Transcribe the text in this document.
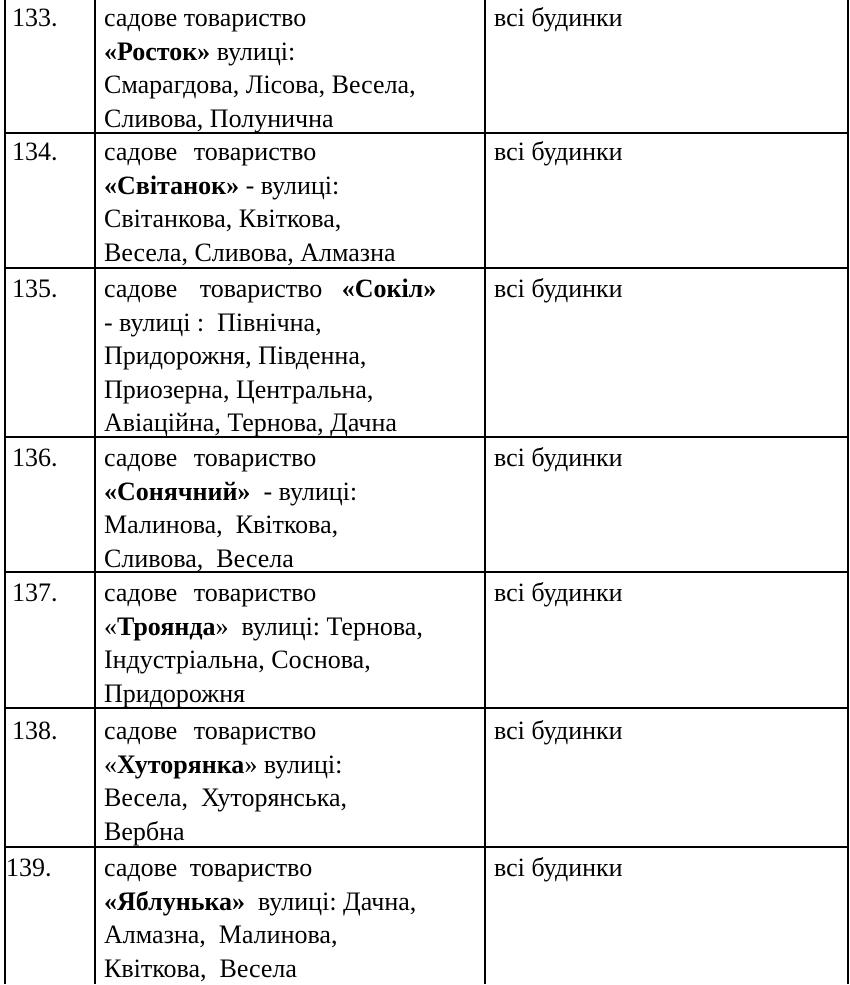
133. садове товариство
«Росток» вулиці:
Смарагдова, Лісова, Весела,
Сливова, Полунична
всі будинки
134. садове товариство
«Світанок» - вулиці:
Світанкова, Квіткова,
Весела, Сливова, Алмазна
всі будинки
135. садове товариство «Сокіл»
- вулиці :  Північна,
Придорожня, Південна,
Приозерна, Центральна,
Авіаційна, Тернова, Дачна
всі будинки
136. садове товариство
«Сонячний» - вулиці:
Малинова,  Квіткова,
Сливова,  Весела
всі будинки
137. садове товариство
«Троянда» вулиці: Тернова,
Індустріальна, Соснова,
Придорожня
всі будинки
138. садове товариство
«Хуторянка» вулиці:
Весела,  Хуторянська,
Вербна
всі будинки
139. садове товариство
«Яблунька» вулиці: Дачна,
Алмазна,  Малинова,
Квіткова,  Весела
всі будинки
